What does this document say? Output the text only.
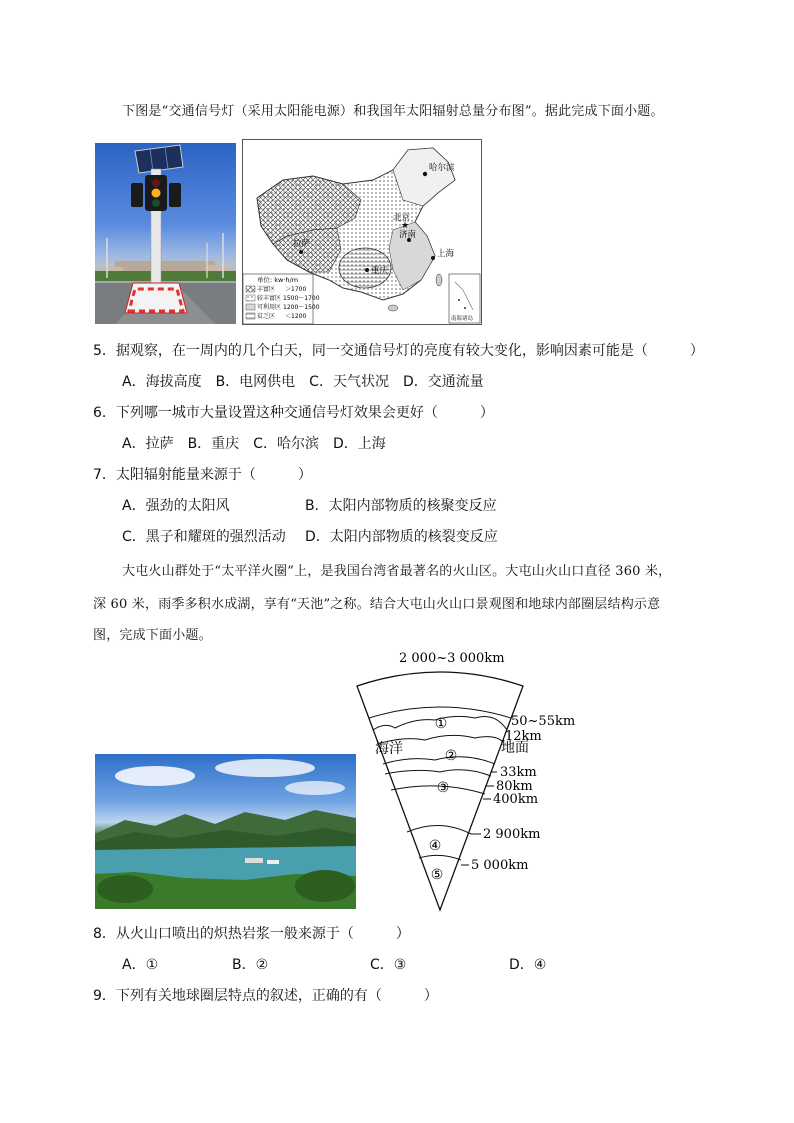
下图是“交通信号灯（采用太阳能电源）和我国年太阳辐射总量分布图”。据此完成下面小题。
哈尔滨
★
北京
济南
拉萨
重庆
上海
单位: kw·h/m
丰富区 ＞1700
较丰富区 1500～1700
可利用区 1200～1500
贫乏区 ＜1200	南海诸岛
5．据观察，在一周内的几个白天，同一交通信号灯的亮度有较大变化，影响因素可能是（　　　）
A．海拔高度　B．电网供电　C．天气状况　D．交通流量
6．下列哪一城市大量设置这种交通信号灯效果会更好（　　　）
A．拉萨　B．重庆　C．哈尔滨　D．上海
7．太阳辐射能量来源于（　　　）
A．强劲的太阳风	B．太阳内部物质的核聚变反应
C．黑子和耀斑的强烈活动 D．太阳内部物质的核裂变反应
大屯火山群处于“太平洋火圈”上，是我国台湾省最著名的火山区。大屯山火山口直径 360 米，
深 60 米，雨季多积水成湖，享有“天池”之称。结合大屯山火山口景观图和地球内部圈层结构示意
图，完成下面小题。
①
②
③
④
⑤
海洋	地面
2 000~3 000km
50~55km
12km
33km
80km
400km
2 900km
5 000km
8．从火山口喷出的炽热岩浆一般来源于（　　　）
A．①	B．②	C．③	D．④
9．下列有关地球圈层特点的叙述，正确的有（　　　）
